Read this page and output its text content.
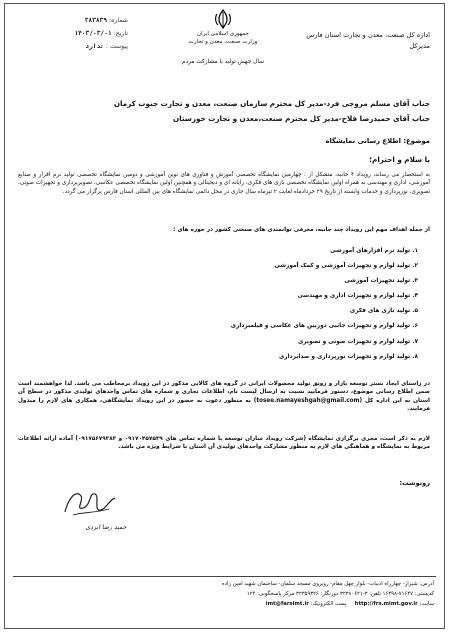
شماره: ۲۸۳۸۳۹
تاریخ: ۱۴۰۳/۰۳/۰۱
پیوست : ندارد
جمهوری اسلامی ایران
وزارت صنعت، معدن و تجارت
سال جهش تولید با مشارکت مردم
اداره کل صنعت، معدن و تجارت استان فارس
مدیرکل
جناب آقای مسلم مروجی فرد-مدیر کل محترم سازمان صنعت، معدن و تجارت جنوب کرمان
جناب آقای حمیدرضا فلاح-مدیر کل محترم صنعت،معدن و تجارت خوزستان
موضوع: اطلاع رسانی نمایشگاه
با سلام و احترام؛

به استحضار می رساند، رویداد ۴ جانبه، متشکل از : چهارمین نمایشگاه تخصصی آموزش و فناوری های نوین آموزشی و دومین نمایشگاه تخصصی تولید نرم افزار و صنایع آموزشی، اداری و مهندسی به همراه اولین نمایشگاه تخصصی بازی های فکری، رایانه ای و دیجیتالی و همچنین اولین نمایشگاه تخصصی عکاسی، تصویربرداری و تجهیزات صوتی، تصویری، نورپردازی و خدمات وابسته از تاریخ ۲۹ خردادماه لغایت ۲ تیرماه سال جاری در محل دائمی نمایشگاه های بین المللی استان فارس برگزار می گردد.

از جمله اهداف مهم این رویداد چند جانبه، معرفی توانمندی های صنعتی کشور در حوزه های :

۱. تولید نرم افزارهای آموزشی
۲. تولید لوازم و تجهیزات آموزشی و کمک آموزشی
۳. تولید تجهیزات آموزشی
۴. تولید لوازم و تجهیزات اداری و مهندسی
۵. تولید بازی های فکری
۶. تولید لوازم و تجهیزات جانبی دوربین های عکاسی و فیلمبرداری
۷. تولید لوازم و تجهیزات صوتی و تصویری
۸. تولید لوازم و تجهیزات نورپردازی و صدابرداری

در راستای ایجاد بستر توسعه بازار و رونق تولید محصولات ایرانی در گروه های کالایی مذکور در این رویداد برمخاطب می باشد. لذا خواهشمند است ضمن اطلاع رسانی موضوع، دستور فرمایید نسبت به ارسال لیست نام، اطلاعات تجاری و شماره های تماس واحدهای تولیدی مذکور در سطح آن استان به این اداره کل (tosee.namayeshgah@gmail.com) به منظور دعوت به حضور در این رویداد نمایشگاهی، همکاری های لازم را مبذول فرمایند.

لازم به ذکر است، مجری برگزاری نمایشگاه (شرکت رویداد سازان توسعه با شماره تماس های ۰۹۱۷۰۴۵۷۵۳۹ و ۰۹۱۷۵۶۷۹۳۸۳) آماده ارائه اطلاعات مربوط به نمایشگاه و هماهنگی های لازم به منظور مشارکت واحدهای تولیدی آن استان با شرایط ویژه می باشد.

رونوشت:
حمید رضا ایزدی
آدرس: شیراز- چهارراه ادبیات- بلوار چهل مقام- روبروی مسجد سلمان- ساختمان شهید امین زاده
کدپستی: ۷۱۶۴۷-۱۶۴۹۸ تلفن: ۳-۳۲۳۸۰۶۲۱ دورنگار: ۳۲۳۵۹۳۲۶ مرکز پاسخگویی: ۱۲۴
سایت: http://frs.mimt.gov.ir     پست الکترونیک: imt@farsimt.ir
